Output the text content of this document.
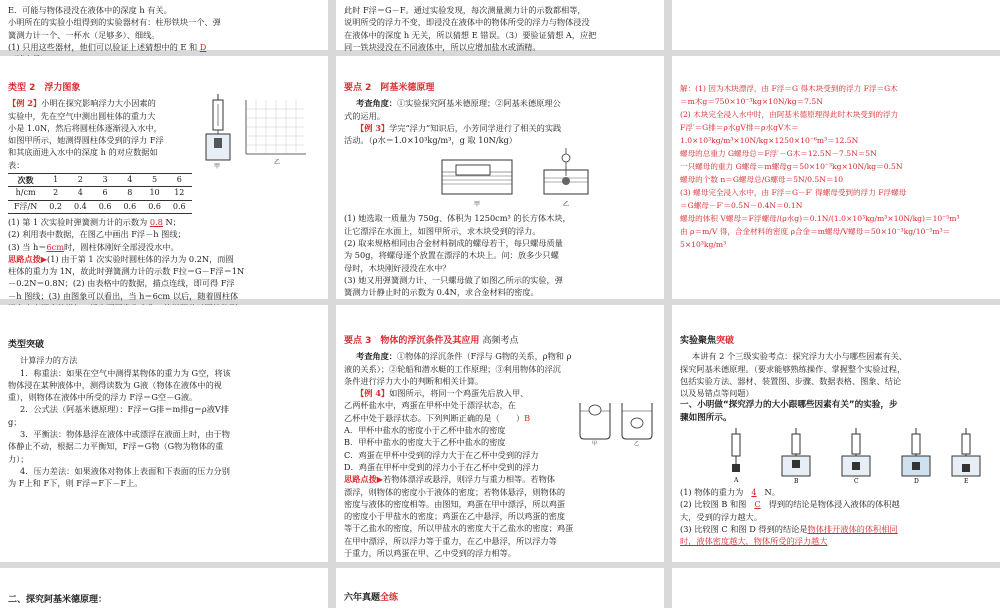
E．可能与物体浸没在液体中的深度 h 有关。

小明所在的实验小组得到的实验器材有：柱形铁块一个、弹

簧测力计一个、一杯水（足够多）、细线。

(1) 只用这些器材，他们可以验证上述猜想中的 E 和 D

此时 F浮＝G－F。通过实验发现，每次测量测力计的示数都相等，

说明所受的浮力不变，即浸没在液体中的物体所受的浮力与物体浸没

在液体中的深度 h 无关，所以猜想 E 错误。（3）要验证猜想 A，应把

同一铁块浸没在不同液体中，所以应增加盐水或酒精。

类型 2　浮力图象

【例 2】小明在探究影响浮力大小因素的

实验中，先在空气中测出圆柱体的重力大

小是 1.0N，然后将圆柱体逐渐浸入水中，

如图甲所示，她测得圆柱体受到的浮力 F浮

和其底面进入水中的深度 h 的对应数据如

甲
乙

表：

次数	1	2	3	4	5	6
h/cm	2	4	6	8	10	12
F浮/N	0.2	0.4	0.6	0.6	0.6	0.6

(1) 第 1 次实验时弹簧测力计的示数为 0.8 N；

(2) 利用表中数据，在图乙中画出 F浮－h 图线；

(3) 当 h＝6cm时，圆柱体刚好全部浸没水中。

思路点拨▶(1) 由于第 1 次实验时圆柱体的浮力为 0.2N，而圆

柱体的重力为 1N，故此时弹簧测力计的示数 F拉＝G－F浮＝1N

－0.2N＝0.8N；(2) 由表格中的数据，描点连线，即可得 F浮

－h 图线；(3) 由图象可以看出，当 h＝6cm 以后，随着圆柱体

要点 2　阿基米德原理

考查角度：①实验探究阿基米德原理；②阿基米德原理公

式的运用。

【例 3】学完“浮力”知识后，小芳同学进行了相关的实践

活动。（ρ水＝1.0×10³kg/m³，g 取 10N/kg）

甲	乙

(1) 她选取一质量为 750g、体积为 1250cm³ 的长方体木块，

让它漂浮在水面上，如图甲所示，求木块受到的浮力。

(2) 取来规格相同由合金材料制成的螺母若干，每只螺母质量

为 50g，将螺母逐个放置在漂浮的木块上。问：放多少只螺

母时，木块刚好浸没在水中？

(3) 她又用弹簧测力计、一只螺母做了如图乙所示的实验，弹

簧测力计静止时的示数为 0.4N，求合金材料的密度。

解：(1) 因为木块漂浮，由 F浮＝G 得木块受到的浮力 F浮＝G木

＝m木g＝750×10⁻³kg×10N/kg＝7.5N

(2) 木块完全浸入水中时，由阿基米德原理得此时木块受到的浮力

F浮′＝G排＝ρ水gV排＝ρ水gV木＝

1.0×10³kg/m³×10N/kg×1250×10⁻⁶m³＝12.5N

螺母的总重力 G螺母总＝F浮′－G木＝12.5N－7.5N＝5N

一只螺母的重力 G螺母＝m螺母g＝50×10⁻³kg×10N/kg＝0.5N

螺母的个数 n＝G螺母总/G螺母＝5N/0.5N＝10

(3) 螺母完全浸入水中，由 F浮＝G－F′ 得螺母受到的浮力 F浮螺母

＝G螺母－F′＝0.5N－0.4N＝0.1N

螺母的体积 V螺母＝F浮螺母/(ρ水g)＝0.1N/(1.0×10³kg/m³×10N/kg)＝10⁻⁵m³

由 ρ＝m/V 得，合金材料的密度 ρ合金＝m螺母/V螺母＝50×10⁻³kg/10⁻⁵m³＝

5×10³kg/m³

类型突破

计算浮力的方法

1．称重法：如果在空气中测得某物体的重力为 G空，将该

物体浸在某种液体中，测得读数为 G液（物体在液体中的视

重），则物体在液体中所受的浮力 F浮＝G空－G液。

2．公式法（阿基米德原理）：F浮＝G排＝m排g＝ρ液V排

g；

3．平衡法：物体悬浮在液体中或漂浮在液面上时，由于物

体静止不动，根据二力平衡知，F浮＝G物（G物为物体的重

力）；

4．压力差法：如果液体对物体上表面和下表面的压力分别

为 F上和 F下，则 F浮＝F下－F上。

要点 3　物体的浮沉条件及其应用 高频考点

考查角度：①物体的浮沉条件（F浮与 G物的关系，ρ物和 ρ

液的关系）；②轮船和潜水艇的工作原理；③利用物体的浮沉

条件进行浮力大小的判断和相关计算。

【例 4】如图所示，将同一个鸡蛋先后放入甲、

乙两杯盐水中，鸡蛋在甲杯中处于漂浮状态，在

乙杯中处于悬浮状态。下列判断正确的是（　　）B

甲	乙

A．甲杯中盐水的密度小于乙杯中盐水的密度

B．甲杯中盐水的密度大于乙杯中盐水的密度

C．鸡蛋在甲杯中受到的浮力大于在乙杯中受到的浮力

D．鸡蛋在甲杯中受到的浮力小于在乙杯中受到的浮力

思路点拨▶若物体漂浮或悬浮，则浮力与重力相等。若物体

漂浮，则物体的密度小于液体的密度；若物体悬浮，则物体的

密度与液体的密度相等。由图知，鸡蛋在甲中漂浮，所以鸡蛋

的密度小于甲盐水的密度；鸡蛋在乙中悬浮，所以鸡蛋的密度

等于乙盐水的密度，所以甲盐水的密度大于乙盐水的密度；鸡蛋

在甲中漂浮，所以浮力等于重力，在乙中悬浮，所以浮力等

于重力，所以鸡蛋在甲、乙中受到的浮力相等。

实验聚焦突破

本讲有 2 个三级实验考点：探究浮力大小与哪些因素有关、

探究阿基米德原理。（要求能够熟练操作、掌握整个实验过程，

包括实验方法、器材、装置图、步骤、数据表格、图象、结论

以及易错点等问题）

一、小明做“探究浮力的大小跟哪些因素有关”的实验，步

骤如图所示。

A	B	C	D	E

(1) 物体的重力为 4 N。

(2) 比较图 B 和图 C 得到的结论是物体浸入液体的体积越

大，受到的浮力越大。

(3) 比较图 C 和图 D 得到的结论是物体排开液体的体积相同

时，液体密度越大，物体所受的浮力越大

二、探究阿基米德原理：	六年真题全练
